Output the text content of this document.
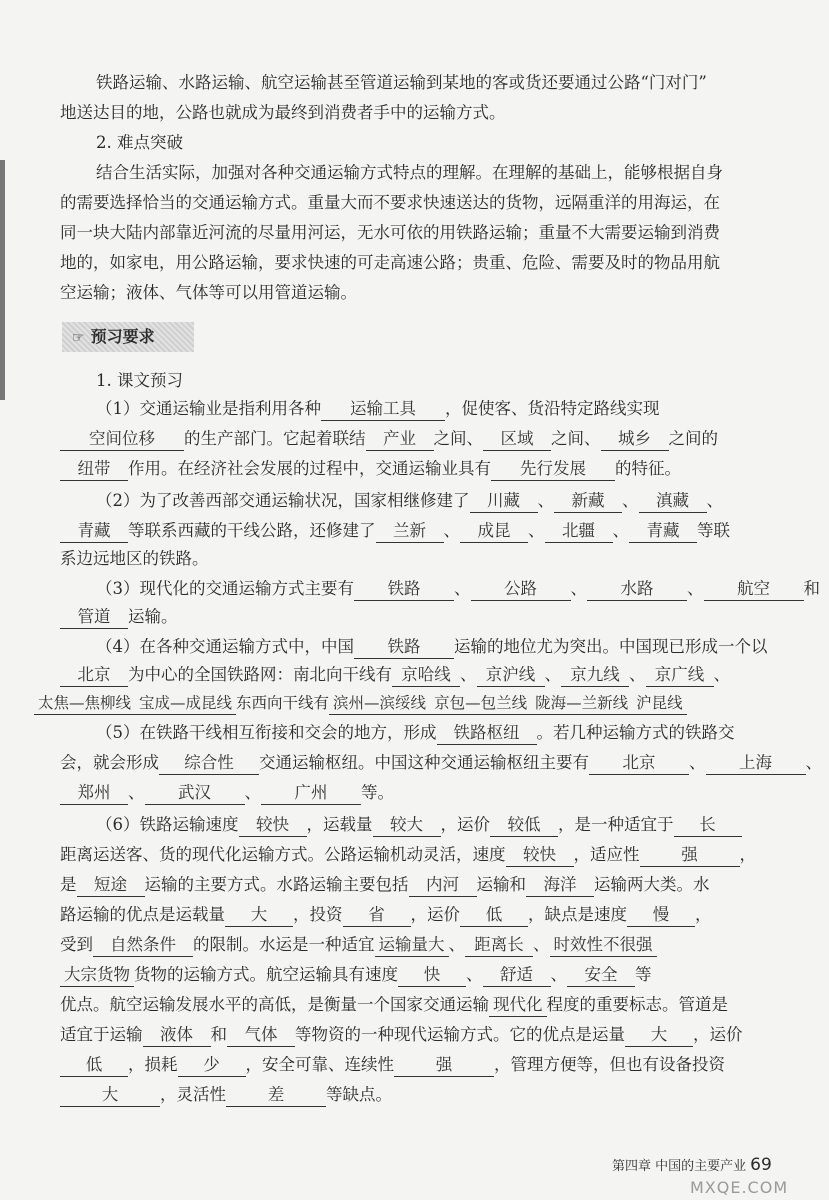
铁路运输、水路运输、航空运输甚至管道运输到某地的客或货还要通过公路“门对门”
地送达目的地，公路也就成为最终到消费者手中的运输方式。
2. 难点突破
结合生活实际，加强对各种交通运输方式特点的理解。在理解的基础上，能够根据自身
的需要选择恰当的交通运输方式。重量大而不要求快速送达的货物，远隔重洋的用海运，在
同一块大陆内部靠近河流的尽量用河运，无水可依的用铁路运输；重量不大需要运输到消费
地的，如家电，用公路运输，要求快速的可走高速公路；贵重、危险、需要及时的物品用航
空运输；液体、气体等可以用管道运输。
☞ 预习要求
1. 课文预习
（1）交通运输业是指利用各种 运输工具 ，促使客、货沿特定路线实现
空间位移 的生产部门。它起着联结 产业 之间、 区域 之间、 城乡 之间的
纽带 作用。在经济社会发展的过程中，交通运输业具有 先行发展 的特征。
（2）为了改善西部交通运输状况，国家相继修建了 川藏 、 新藏 、 滇藏 、
青藏 等联系西藏的干线公路，还修建了 兰新 、 成昆 、 北疆 、 青藏 等联
系边远地区的铁路。
（3）现代化的交通运输方式主要有 铁路 、 公路 、 水路 、 航空 和
管道 运输。
（4）在各种交通运输方式中，中国 铁路 运输的地位尤为突出。中国现已形成一个以
北京 为中心的全国铁路网：南北向干线有 京哈线 、 京沪线 、 京九线 、 京广线 、
太焦—焦柳线 宝成—成昆线 东西向干线有 滨州—滨绥线 京包—包兰线 陇海—兰新线 沪昆线
（5）在铁路干线相互衔接和交会的地方，形成 铁路枢纽 。若几种运输方式的铁路交
会，就会形成 综合性 交通运输枢纽。中国这种交通运输枢纽主要有 北京 、 上海 、
郑州 、 武汉 、 广州 等。
（6）铁路运输速度 较快 ，运载量 较大 ，运价 较低 ，是一种适宜于 长
距离运送客、货的现代化运输方式。公路运输机动灵活，速度 较快 ，适应性	强	，
是 短途 运输的主要方式。水路运输主要包括 内河 运输和 海洋 运输两大类。水
路运输的优点是运载量 大 ，投资 省 ，运价 低 ，缺点是速度 慢 ，
受到 自然条件 的限制。水运是一种适宜 运输量大 、 距离长 、 时效性不很强
大宗货物 货物的运输方式。航空运输具有速度 快 、 舒适 、 安全 等
优点。航空运输发展水平的高低，是衡量一个国家交通运输 现代化 程度的重要标志。管道是
适宜于运输 液体 和 气体 等物资的一种现代运输方式。它的优点是运量 大 ，运价
低 ，损耗 少 ，安全可靠、连续性	强	，管理方便等，但也有设备投资
大	，灵活性	差	等缺点。
第四章 中国的主要产业 69
MXQE.COM
